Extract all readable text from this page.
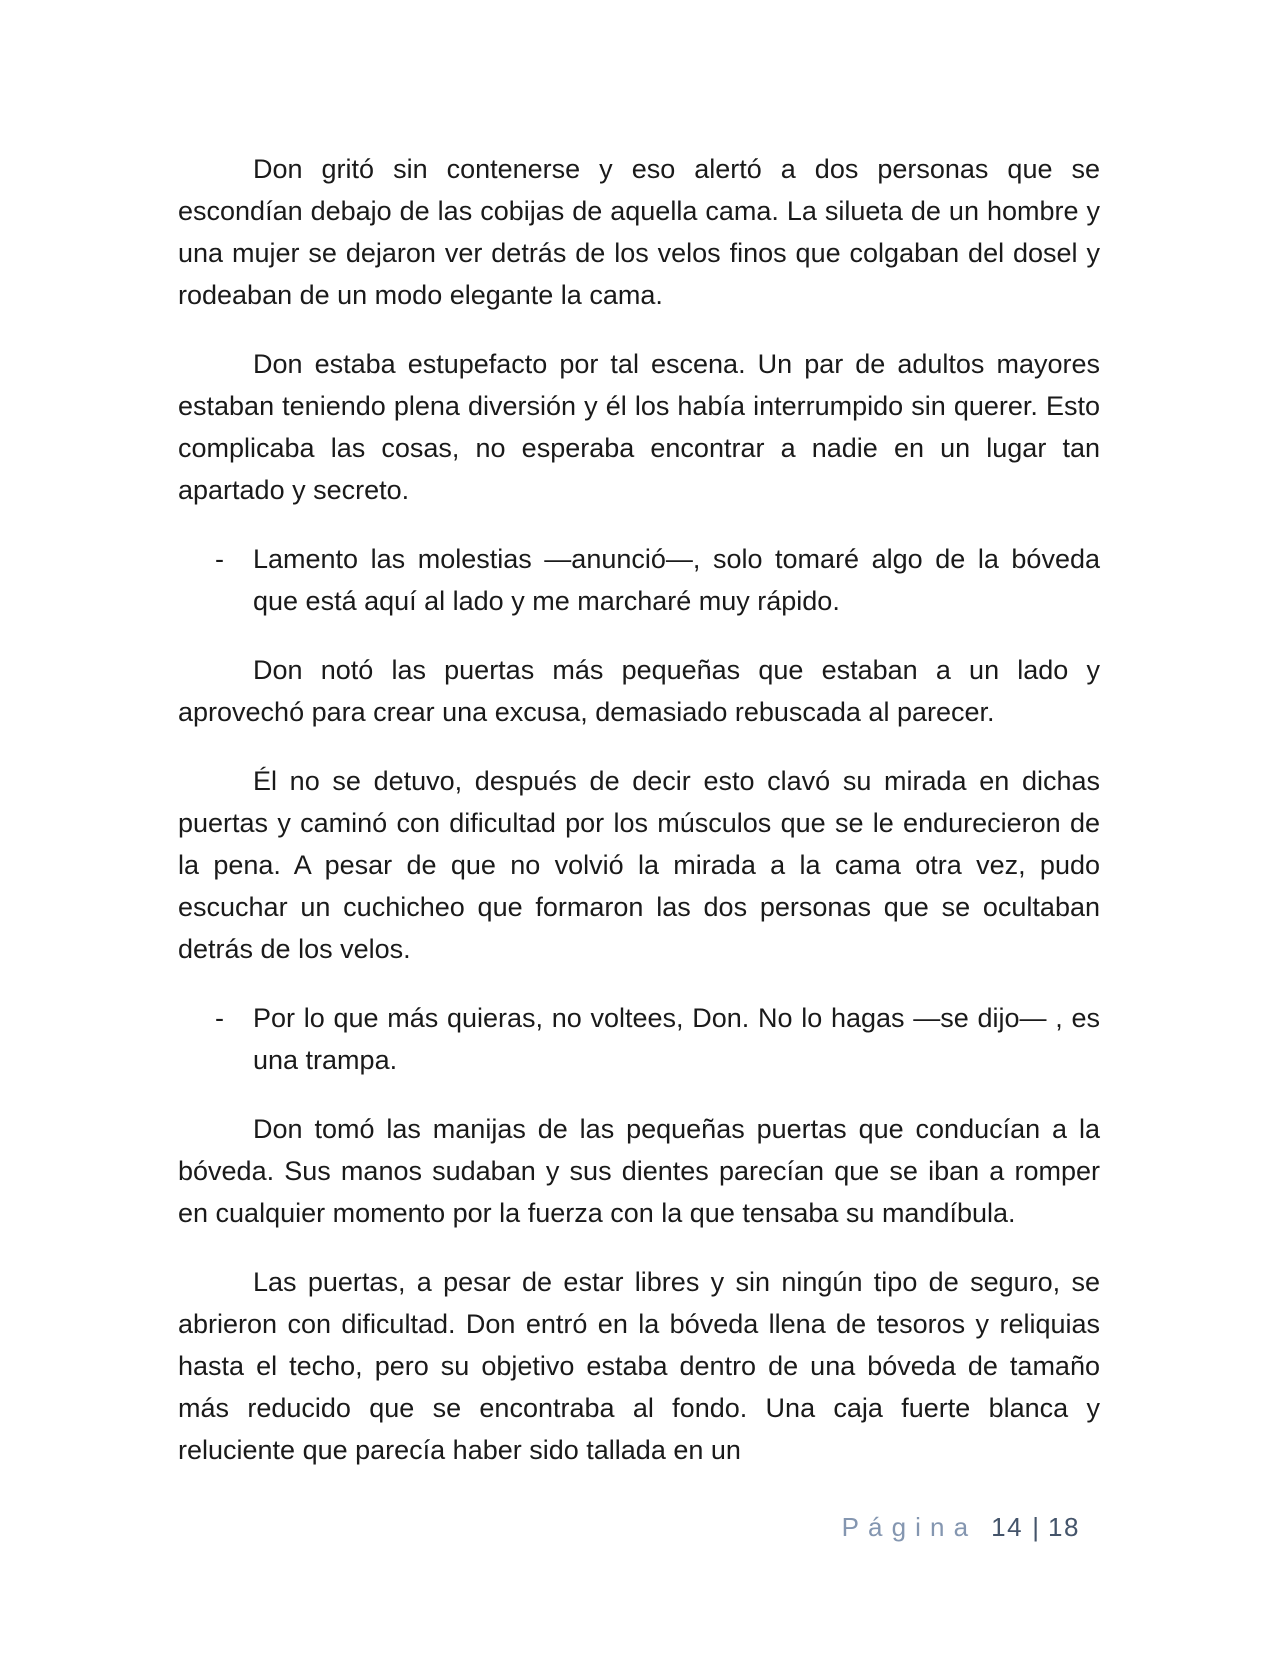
Don gritó sin contenerse y eso alertó a dos personas que se escondían debajo de las cobijas de aquella cama. La silueta de un hombre y una mujer se dejaron ver detrás de los velos finos que colgaban del dosel y rodeaban de un modo elegante la cama.

Don estaba estupefacto por tal escena. Un par de adultos mayores estaban teniendo plena diversión y él los había interrumpido sin querer. Esto complicaba las cosas, no esperaba encontrar a nadie en un lugar tan apartado y secreto.

-	Lamento las molestias —anunció—, solo tomaré algo de la bóveda que está aquí al lado y me marcharé muy rápido.

Don notó las puertas más pequeñas que estaban a un lado y aprovechó para crear una excusa, demasiado rebuscada al parecer.

Él no se detuvo, después de decir esto clavó su mirada en dichas puertas y caminó con dificultad por los músculos que se le endurecieron de la pena. A pesar de que no volvió la mirada a la cama otra vez, pudo escuchar un cuchicheo que formaron las dos personas que se ocultaban detrás de los velos.

-	Por lo que más quieras, no voltees, Don. No lo hagas —se dijo— , es una trampa.

Don tomó las manijas de las pequeñas puertas que conducían a la bóveda. Sus manos sudaban y sus dientes parecían que se iban a romper en cualquier momento por la fuerza con la que tensaba su mandíbula.

Las puertas, a pesar de estar libres y sin ningún tipo de seguro, se abrieron con dificultad. Don entró en la bóveda llena de tesoros y reliquias hasta el techo, pero su objetivo estaba dentro de una bóveda de tamaño más reducido que se encontraba al fondo. Una caja fuerte blanca y reluciente que parecía haber sido tallada en un

Página 14 | 18
